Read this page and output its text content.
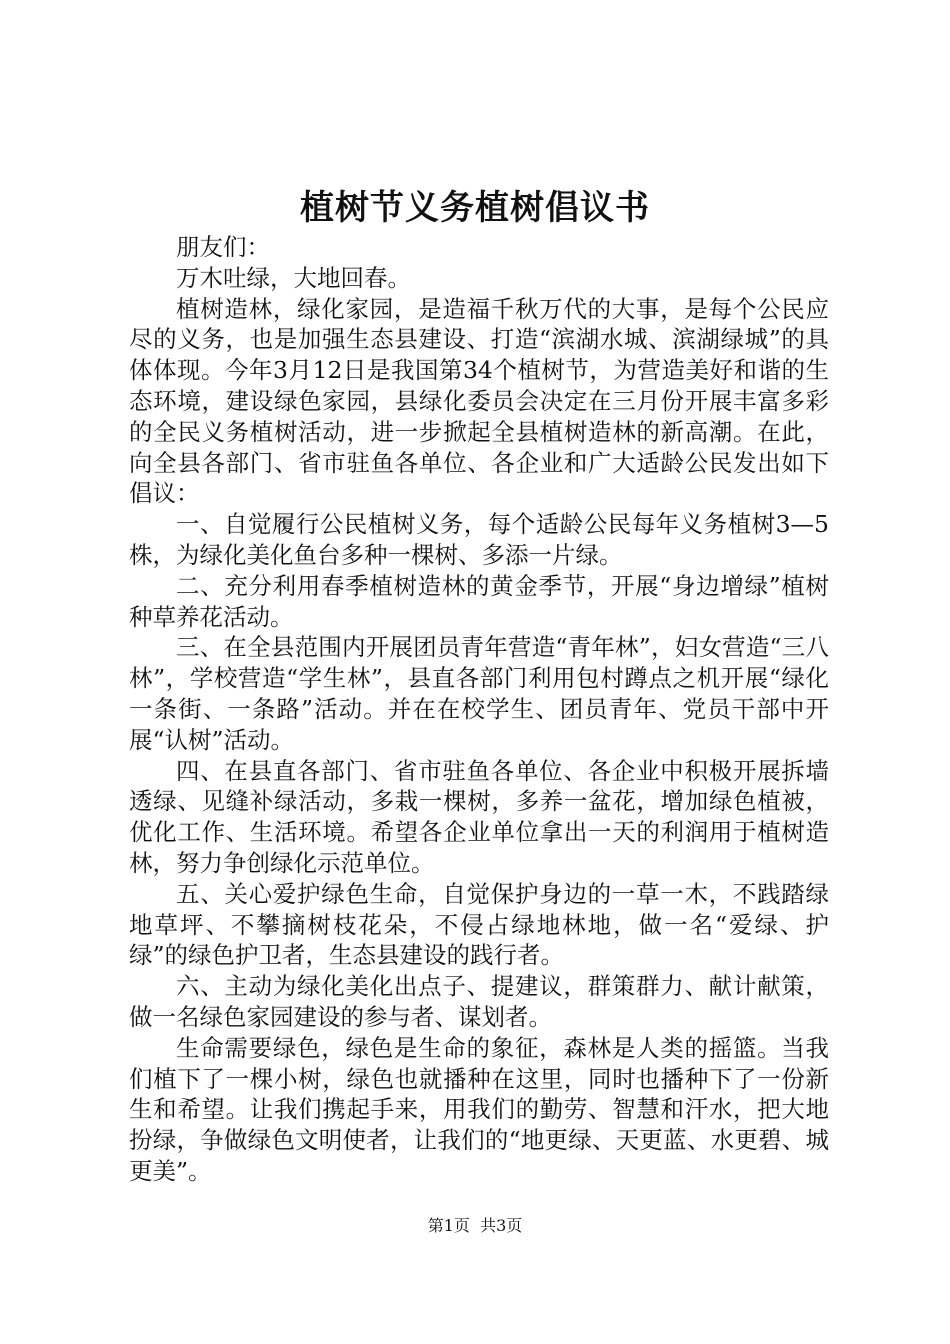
植树节义务植树倡议书

朋友们：

万木吐绿，大地回春。

植树造林，绿化家园，是造福千秋万代的大事，是每个公民应尽的义务，也是加强生态县建设、打造“滨湖水城、滨湖绿城”的具体体现。今年3月12日是我国第34个植树节，为营造美好和谐的生态环境，建设绿色家园，县绿化委员会决定在三月份开展丰富多彩的全民义务植树活动，进一步掀起全县植树造林的新高潮。在此，向全县各部门、省市驻鱼各单位、各企业和广大适龄公民发出如下倡议：

一、自觉履行公民植树义务，每个适龄公民每年义务植树3—5株，为绿化美化鱼台多种一棵树、多添一片绿。

二、充分利用春季植树造林的黄金季节，开展“身边增绿”植树种草养花活动。

三、在全县范围内开展团员青年营造“青年林”，妇女营造“三八林”，学校营造“学生林”，县直各部门利用包村蹲点之机开展“绿化一条街、一条路”活动。并在在校学生、团员青年、党员干部中开展“认树”活动。

四、在县直各部门、省市驻鱼各单位、各企业中积极开展拆墙透绿、见缝补绿活动，多栽一棵树，多养一盆花，增加绿色植被，优化工作、生活环境。希望各企业单位拿出一天的利润用于植树造林，努力争创绿化示范单位。

五、关心爱护绿色生命，自觉保护身边的一草一木，不践踏绿地草坪、不攀摘树枝花朵，不侵占绿地林地，做一名“爱绿、护绿”的绿色护卫者，生态县建设的践行者。

六、主动为绿化美化出点子、提建议，群策群力、献计献策，做一名绿色家园建设的参与者、谋划者。

生命需要绿色，绿色是生命的象征，森林是人类的摇篮。当我们植下了一棵小树，绿色也就播种在这里，同时也播种下了一份新生和希望。让我们携起手来，用我们的勤劳、智慧和汗水，把大地扮绿，争做绿色文明使者，让我们的“地更绿、天更蓝、水更碧、城更美”。

第1页  共3页
